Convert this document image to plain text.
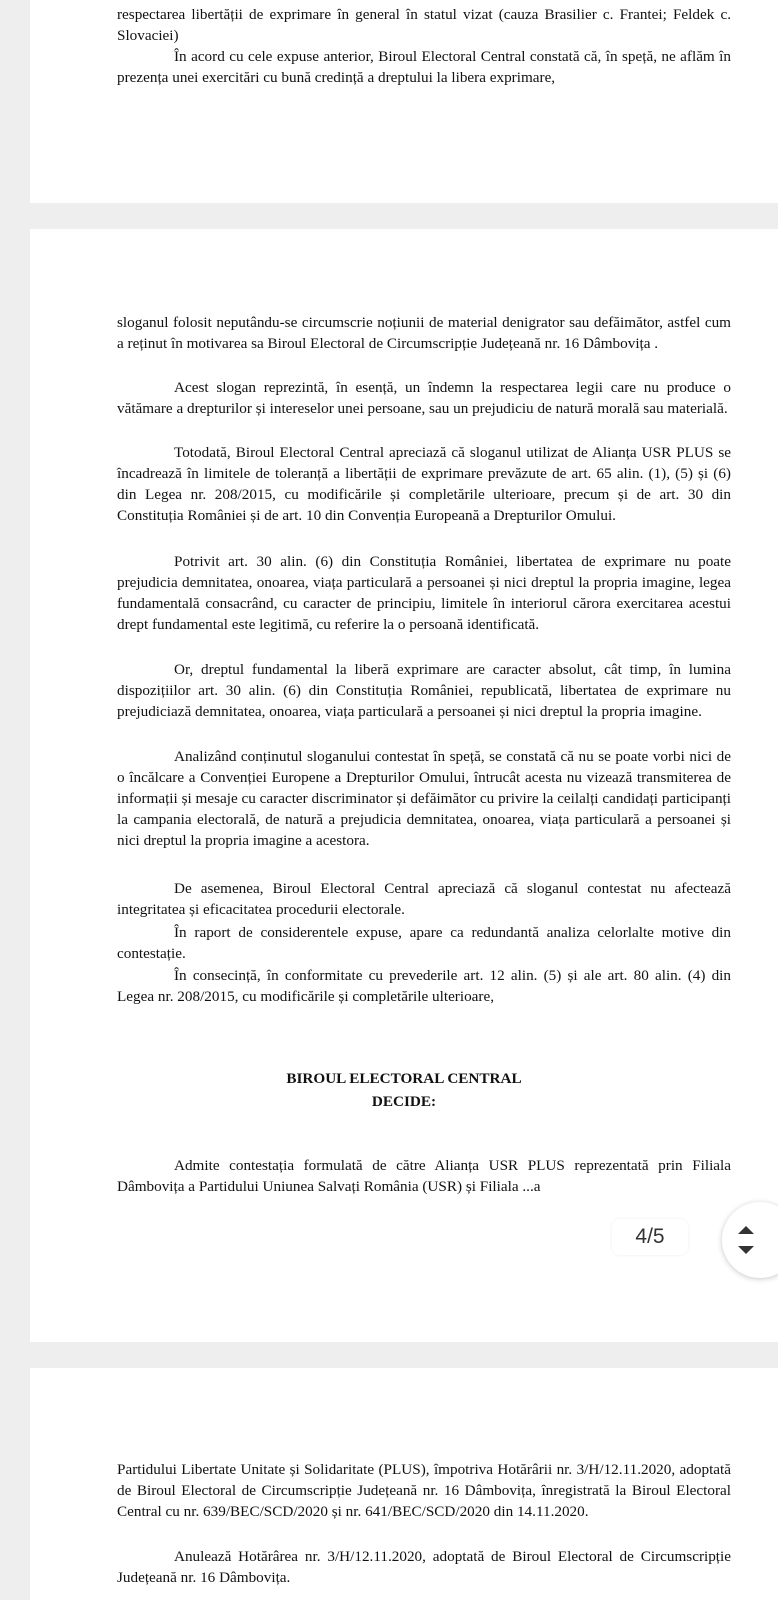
respectarea libertății de exprimare în general în statul vizat (cauza Brasilier c. Frantei; Feldek c. Slovaciei)

În acord cu cele expuse anterior, Biroul Electoral Central constată că, în speță, ne aflăm în prezența unei exercitări cu bună credință a dreptului la libera exprimare,

sloganul folosit neputându-se circumscrie noțiunii de material denigrator sau defăimător, astfel cum a reținut în motivarea sa Biroul Electoral de Circumscripție Județeană nr. 16 Dâmbovița .

Acest slogan reprezintă, în esență, un îndemn la respectarea legii care nu produce o vătămare a drepturilor și intereselor unei persoane, sau un prejudiciu de natură morală sau materială.

Totodată, Biroul Electoral Central apreciază că sloganul utilizat de Alianța USR PLUS se încadrează în limitele de toleranță a libertății de exprimare prevăzute de art. 65 alin. (1), (5) și (6) din Legea nr. 208/2015, cu modificările și completările ulterioare, precum și de art. 30 din Constituția României și de art. 10 din Convenția Europeană a Drepturilor Omului.

Potrivit art. 30 alin. (6) din Constituția României, libertatea de exprimare nu poate prejudicia demnitatea, onoarea, viața particulară a persoanei și nici dreptul la propria imagine, legea fundamentală consacrând, cu caracter de principiu, limitele în interiorul cărora exercitarea acestui drept fundamental este legitimă, cu referire la o persoană identificată.

Or, dreptul fundamental la liberă exprimare are caracter absolut, cât timp, în lumina dispozițiilor art. 30 alin. (6) din Constituția României, republicată, libertatea de exprimare nu prejudiciază demnitatea, onoarea, viața particulară a persoanei și nici dreptul la propria imagine.

Analizând conținutul sloganului contestat în speță, se constată că nu se poate vorbi nici de o încălcare a Convenției Europene a Drepturilor Omului, întrucât acesta nu vizează transmiterea de informații și mesaje cu caracter discriminator și defăimător cu privire la ceilalți candidați participanți la campania electorală, de natură a prejudicia demnitatea, onoarea, viața particulară a persoanei și nici dreptul la propria imagine a acestora.

De asemenea, Biroul Electoral Central apreciază că sloganul contestat nu afectează integritatea și eficacitatea procedurii electorale.

În raport de considerentele expuse, apare ca redundantă analiza celorlalte motive din contestație.

În consecință, în conformitate cu prevederile art. 12 alin. (5) și ale art. 80 alin. (4) din Legea nr. 208/2015, cu modificările și completările ulterioare,

BIROUL ELECTORAL CENTRAL

DECIDE:

Admite contestația formulată de către Alianța USR PLUS reprezentată prin Filiala Dâmbovița a Partidului Uniunea Salvați România (USR) și Filiala ...a

Partidului Libertate Unitate și Solidaritate (PLUS), împotriva Hotărârii nr. 3/H/12.11.2020, adoptată de Biroul Electoral de Circumscripție Județeană nr. 16 Dâmbovița, înregistrată la Biroul Electoral Central cu nr. 639/BEC/SCD/2020 și nr. 641/BEC/SCD/2020 din 14.11.2020.

Anulează Hotărârea nr. 3/H/12.11.2020, adoptată de Biroul Electoral de Circumscripție Județeană nr. 16 Dâmbovița.

4/5
